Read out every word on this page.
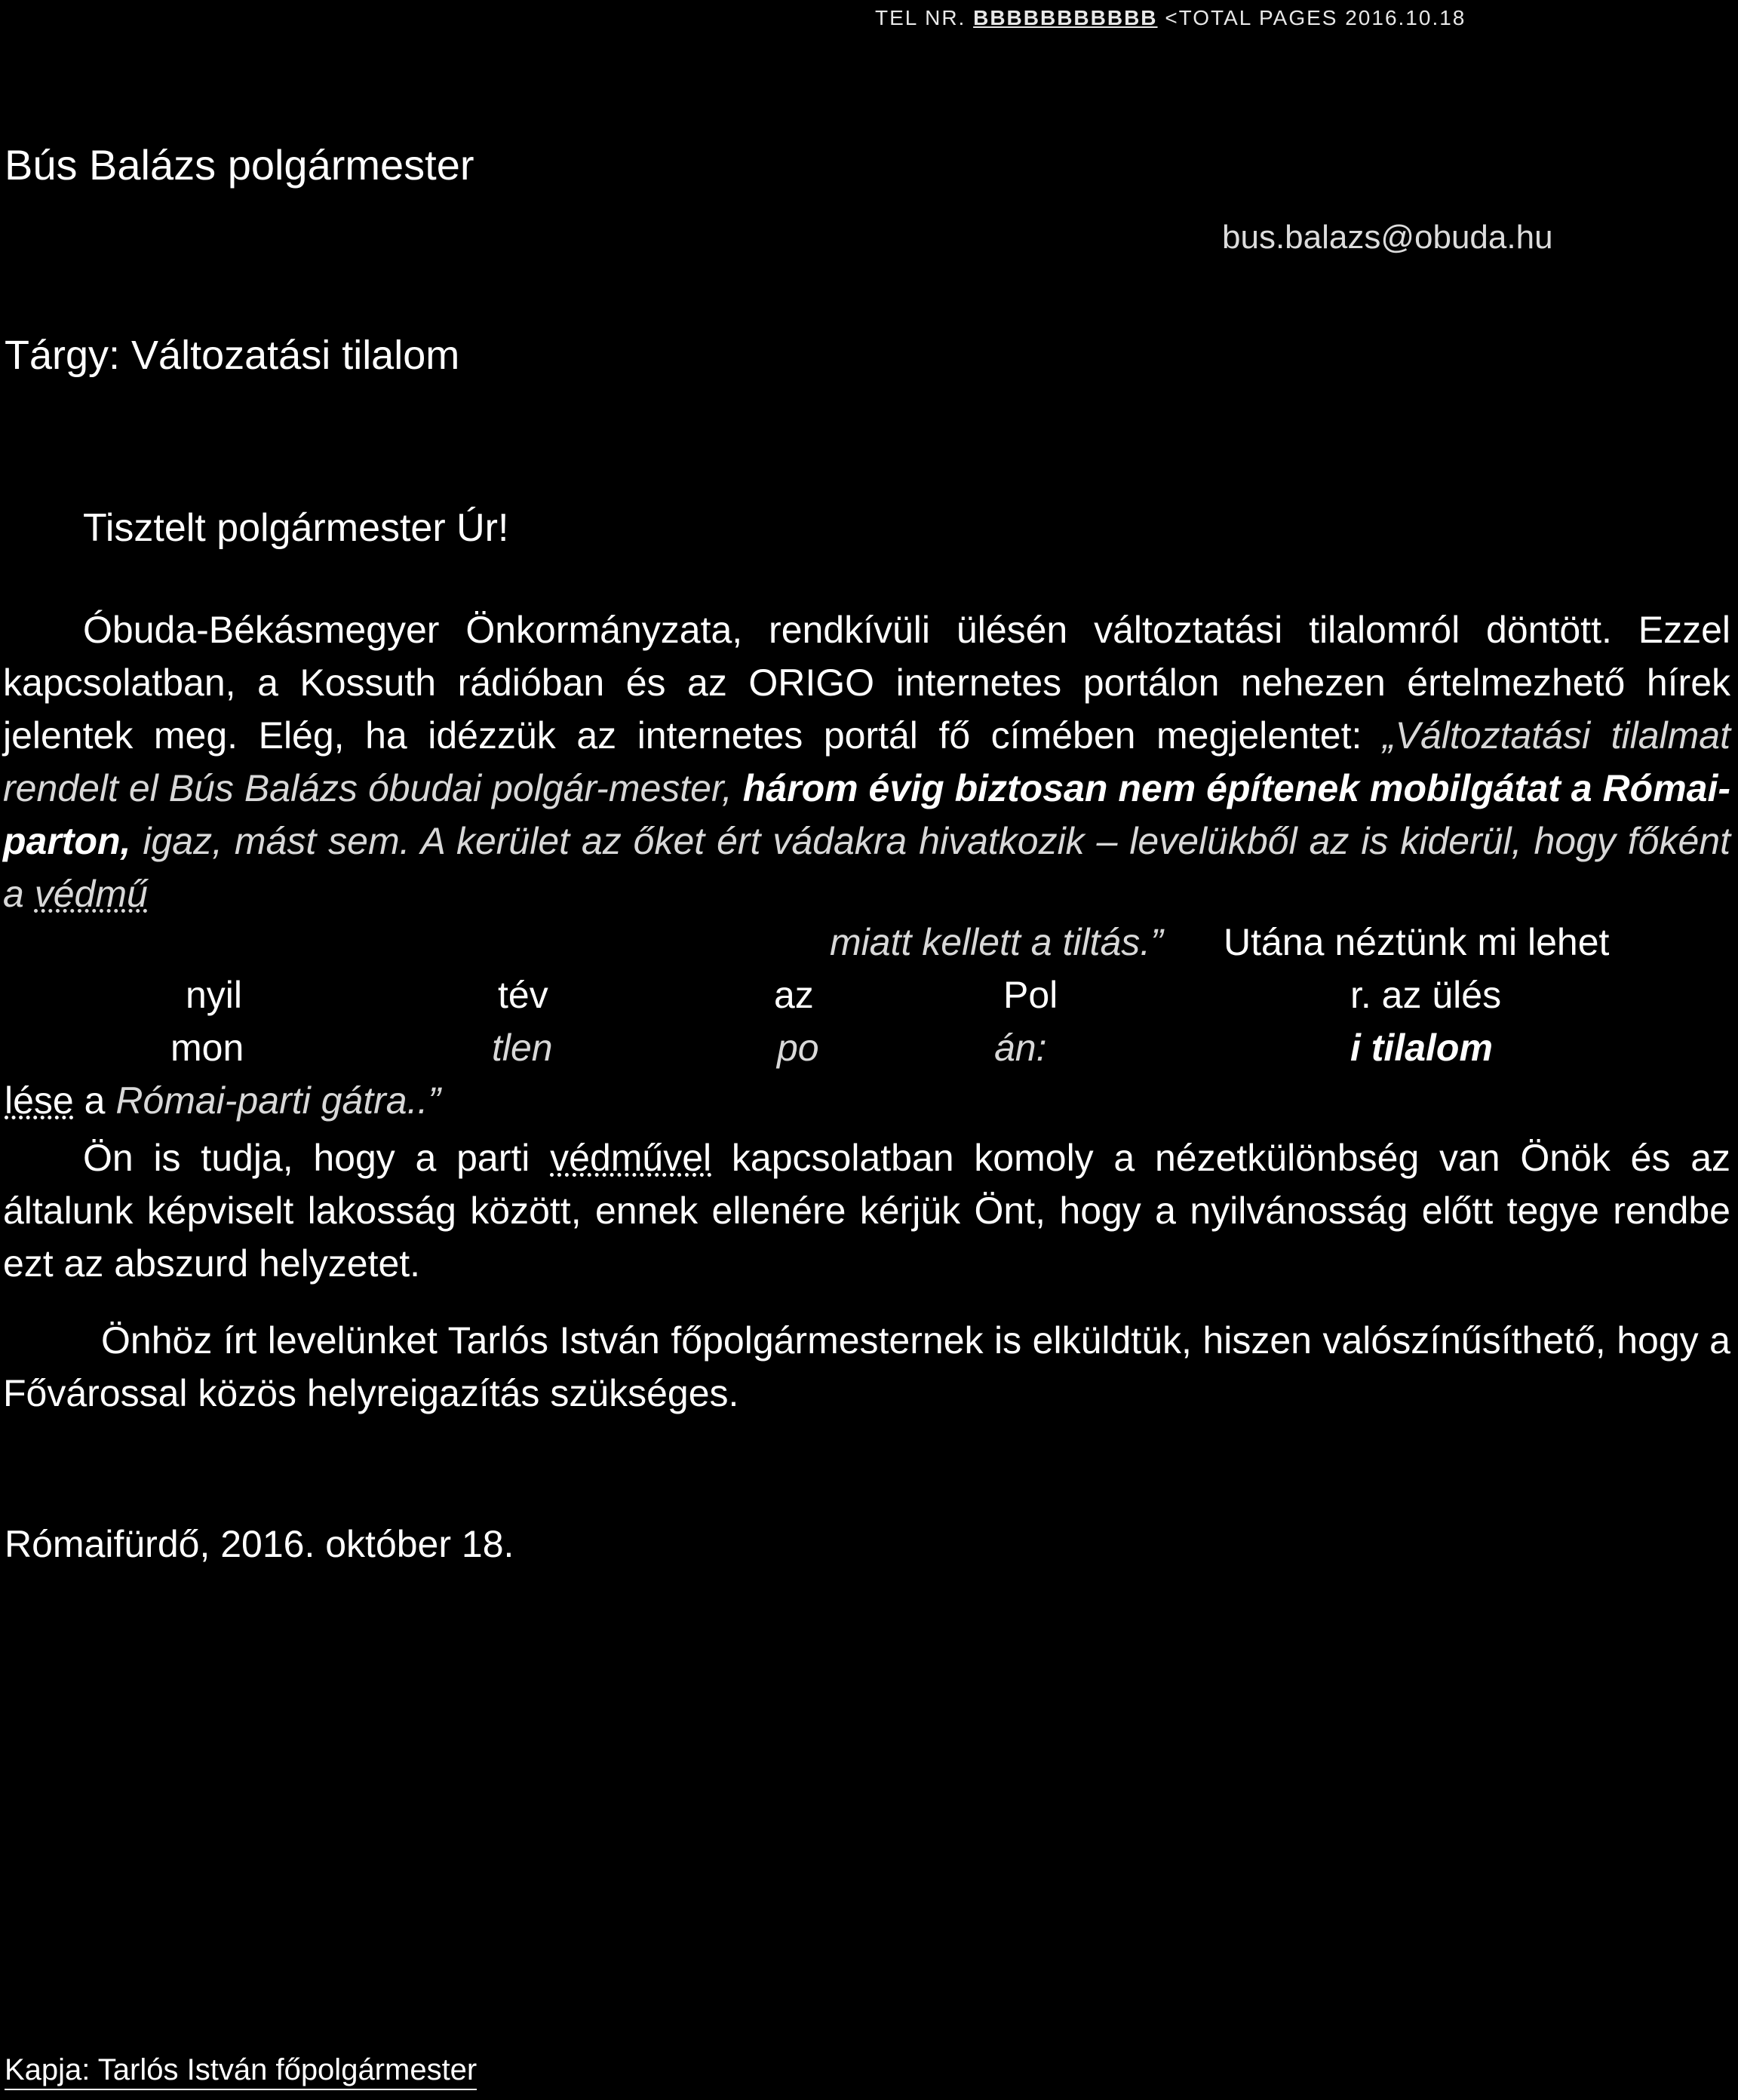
TEL NR. BBBBBBBBBBB <TOTAL PAGES 2016.10.18
Bús Balázs polgármester
bus.balazs@obuda.hu
Tárgy: Változatási tilalom
Tisztelt polgármester Úr!
Óbuda-Békásmegyer Önkormányzata, rendkívüli ülésén változtatási tilalomról döntött. Ezzel kapcsolatban, a Kossuth rádióban és az ORIGO internetes portálon nehezen értelmezhető hírek jelentek meg. Elég, ha idézzük az internetes portál fő címében megjelentet: „Változtatási tilalmat rendelt el Bús Balázs óbudai polgár-mester, három évig biztosan nem építenek mobilgátat a Római-parton, igaz, mást sem. A kerület az őket ért vádakra hivatkozik – levelükből az is kiderül, hogy főként a védmű
miatt kellett a tiltás.” Utána néztünk mi lehet
nyil	tév	az	Pol	r. az ülés
mon	tlen	po	án:	i tilalom
lése a Római-parti gátra..”
Ön is tudja, hogy a parti védművel kapcsolatban komoly a nézetkülönbség van Önök és az általunk képviselt lakosság között, ennek ellenére kérjük Önt, hogy a nyilvánosság előtt tegye rendbe ezt az abszurd helyzetet.
Önhöz írt levelünket Tarlós István főpolgármesternek is elküldtük, hiszen valószínűsíthető, hogy a Fővárossal közös helyreigazítás szükséges.
Rómaifürdő, 2016. október 18.
Kapja: Tarlós István főpolgármester
